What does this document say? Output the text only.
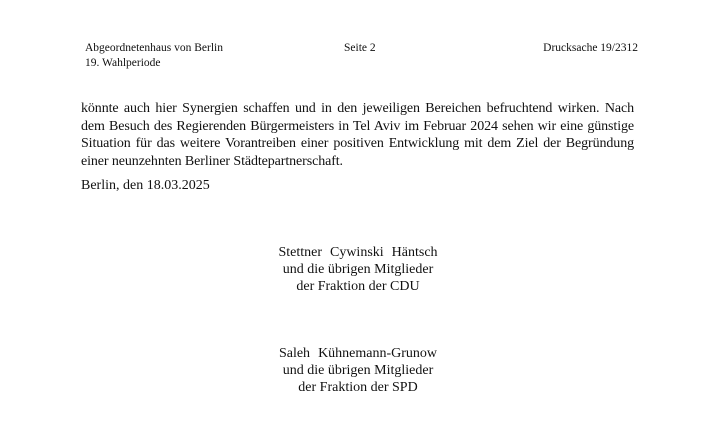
Abgeordnetenhaus von Berlin	Seite 2	Drucksache 19/2312
19. Wahlperiode
könnte auch hier Synergien schaffen und in den jeweiligen Bereichen befruchtend wirken. Nach dem Besuch des Regierenden Bürgermeisters in Tel Aviv im Februar 2024 sehen wir eine günstige Situation für das weitere Vorantreiben einer positiven Entwicklung mit dem Ziel der Begründung einer neunzehnten Berliner Städtepartnerschaft.
Berlin, den 18.03.2025
Stettner Cywinski Häntsch
und die übrigen Mitglieder
der Fraktion der CDU
Saleh Kühnemann-Grunow
und die übrigen Mitglieder
der Fraktion der SPD
